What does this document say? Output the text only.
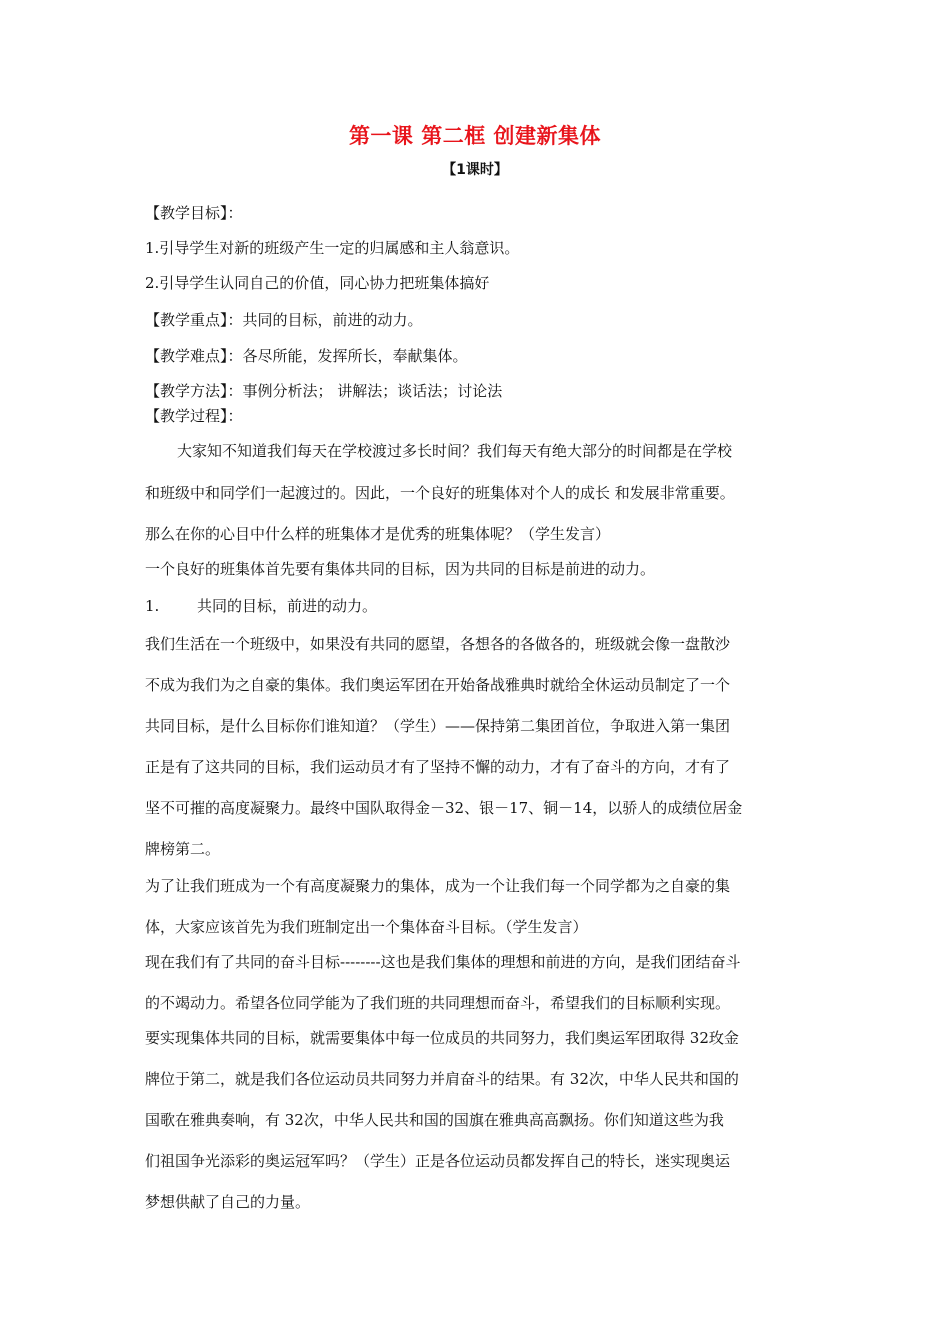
第一课 第二框 创建新集体
【1课时】
【教学目标】：
1.引导学生对新的班级产生一定的归属感和主人翁意识。
2.引导学生认同自己的价值，同心协力把班集体搞好
【教学重点】：共同的目标，前进的动力。
【教学难点】：各尽所能，发挥所长，奉献集体。
【教学方法】：事例分析法； 讲解法；谈话法；讨论法
【教学过程】：
大家知不知道我们每天在学校渡过多长时间？我们每天有绝大部分的时间都是在学校
和班级中和同学们一起渡过的。因此，一个良好的班集体对个人的成长 和发展非常重要。
那么在你的心目中什么样的班集体才是优秀的班集体呢？（学生发言）
一个良好的班集体首先要有集体共同的目标，因为共同的目标是前进的动力。
1.	共同的目标，前进的动力。
我们生活在一个班级中，如果没有共同的愿望，各想各的各做各的，班级就会像一盘散沙
不成为我们为之自豪的集体。我们奥运军团在开始备战雅典时就给全休运动员制定了一个
共同目标，是什么目标你们谁知道？（学生）——保持第二集团首位，争取进入第一集团
正是有了这共同的目标，我们运动员才有了坚持不懈的动力，才有了奋斗的方向，才有了
坚不可摧的高度凝聚力。最终中国队取得金－32、银－17、铜－14，以骄人的成绩位居金
牌榜第二。
为了让我们班成为一个有高度凝聚力的集体，成为一个让我们每一个同学都为之自豪的集
体，大家应该首先为我们班制定出一个集体奋斗目标。（学生发言）
现在我们有了共同的奋斗目标--------这也是我们集体的理想和前进的方向，是我们团结奋斗
的不竭动力。希望各位同学能为了我们班的共同理想而奋斗，希望我们的目标顺利实现。
要实现集体共同的目标，就需要集体中每一位成员的共同努力，我们奥运军团取得 32玫金
牌位于第二，就是我们各位运动员共同努力并肩奋斗的结果。有 32次，中华人民共和国的
国歌在雅典奏响，有 32次，中华人民共和国的国旗在雅典高高飘扬。你们知道这些为我
们祖国争光添彩的奥运冠军吗？（学生）正是各位运动员都发挥自己的特长，迷实现奥运
梦想供献了自己的力量。
